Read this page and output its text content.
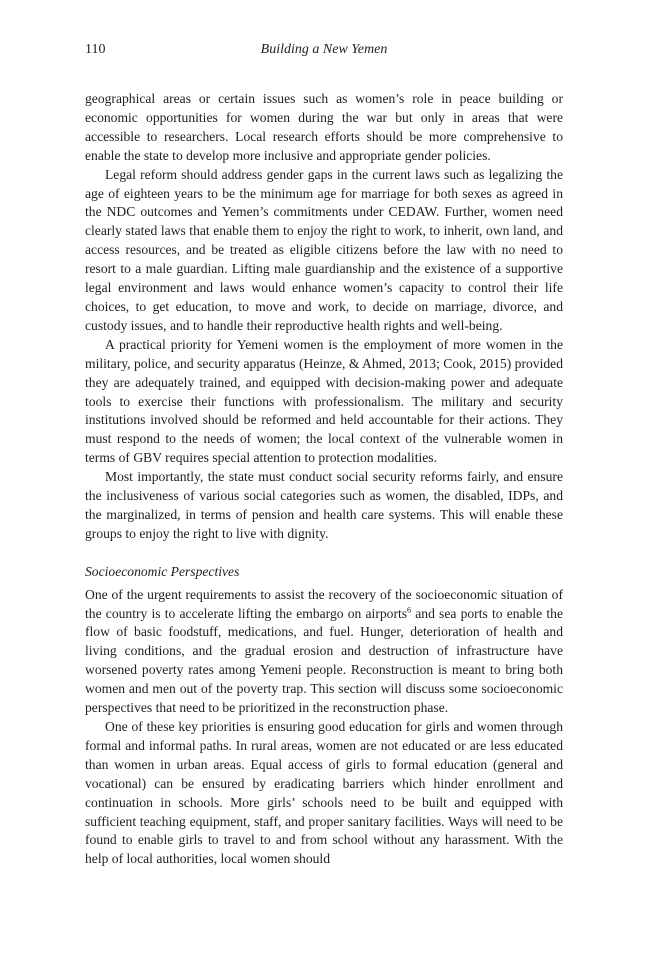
110	Building a New Yemen

geographical areas or certain issues such as women’s role in peace building or economic opportunities for women during the war but only in areas that were accessible to researchers. Local research efforts should be more comprehensive to enable the state to develop more inclusive and appropriate gender policies.

Legal reform should address gender gaps in the current laws such as legalizing the age of eighteen years to be the minimum age for marriage for both sexes as agreed in the NDC outcomes and Yemen’s commitments under CEDAW. Further, women need clearly stated laws that enable them to enjoy the right to work, to inherit, own land, and access resources, and be treated as eligible citizens before the law with no need to resort to a male guardian. Lifting male guardianship and the existence of a supportive legal environment and laws would enhance women’s capacity to control their life choices, to get education, to move and work, to decide on marriage, divorce, and custody issues, and to handle their reproductive health rights and well-being.

A practical priority for Yemeni women is the employment of more women in the military, police, and security apparatus (Heinze, & Ahmed, 2013; Cook, 2015) provided they are adequately trained, and equipped with decision-making power and adequate tools to exercise their functions with professionalism. The military and security institutions involved should be reformed and held accountable for their actions. They must respond to the needs of women; the local context of the vulnerable women in terms of GBV requires special attention to protection modalities.

Most importantly, the state must conduct social security reforms fairly, and ensure the inclusiveness of various social categories such as women, the disabled, IDPs, and the marginalized, in terms of pension and health care systems. This will enable these groups to enjoy the right to live with dignity.

Socioeconomic Perspectives

One of the urgent requirements to assist the recovery of the socioeconomic situation of the country is to accelerate lifting the embargo on airports$^6$ and sea ports to enable the flow of basic foodstuff, medications, and fuel. Hunger, deterioration of health and living conditions, and the gradual erosion and destruction of infrastructure have worsened poverty rates among Yemeni people. Reconstruction is meant to bring both women and men out of the poverty trap. This section will discuss some socioeconomic perspectives that need to be prioritized in the reconstruction phase.

One of these key priorities is ensuring good education for girls and women through formal and informal paths. In rural areas, women are not educated or are less educated than women in urban areas. Equal access of girls to formal education (general and vocational) can be ensured by eradicating barriers which hinder enrollment and continuation in schools. More girls’ schools need to be built and equipped with sufficient teaching equipment, staff, and proper sanitary facilities. Ways will need to be found to enable girls to travel to and from school without any harassment. With the help of local authorities, local women should
